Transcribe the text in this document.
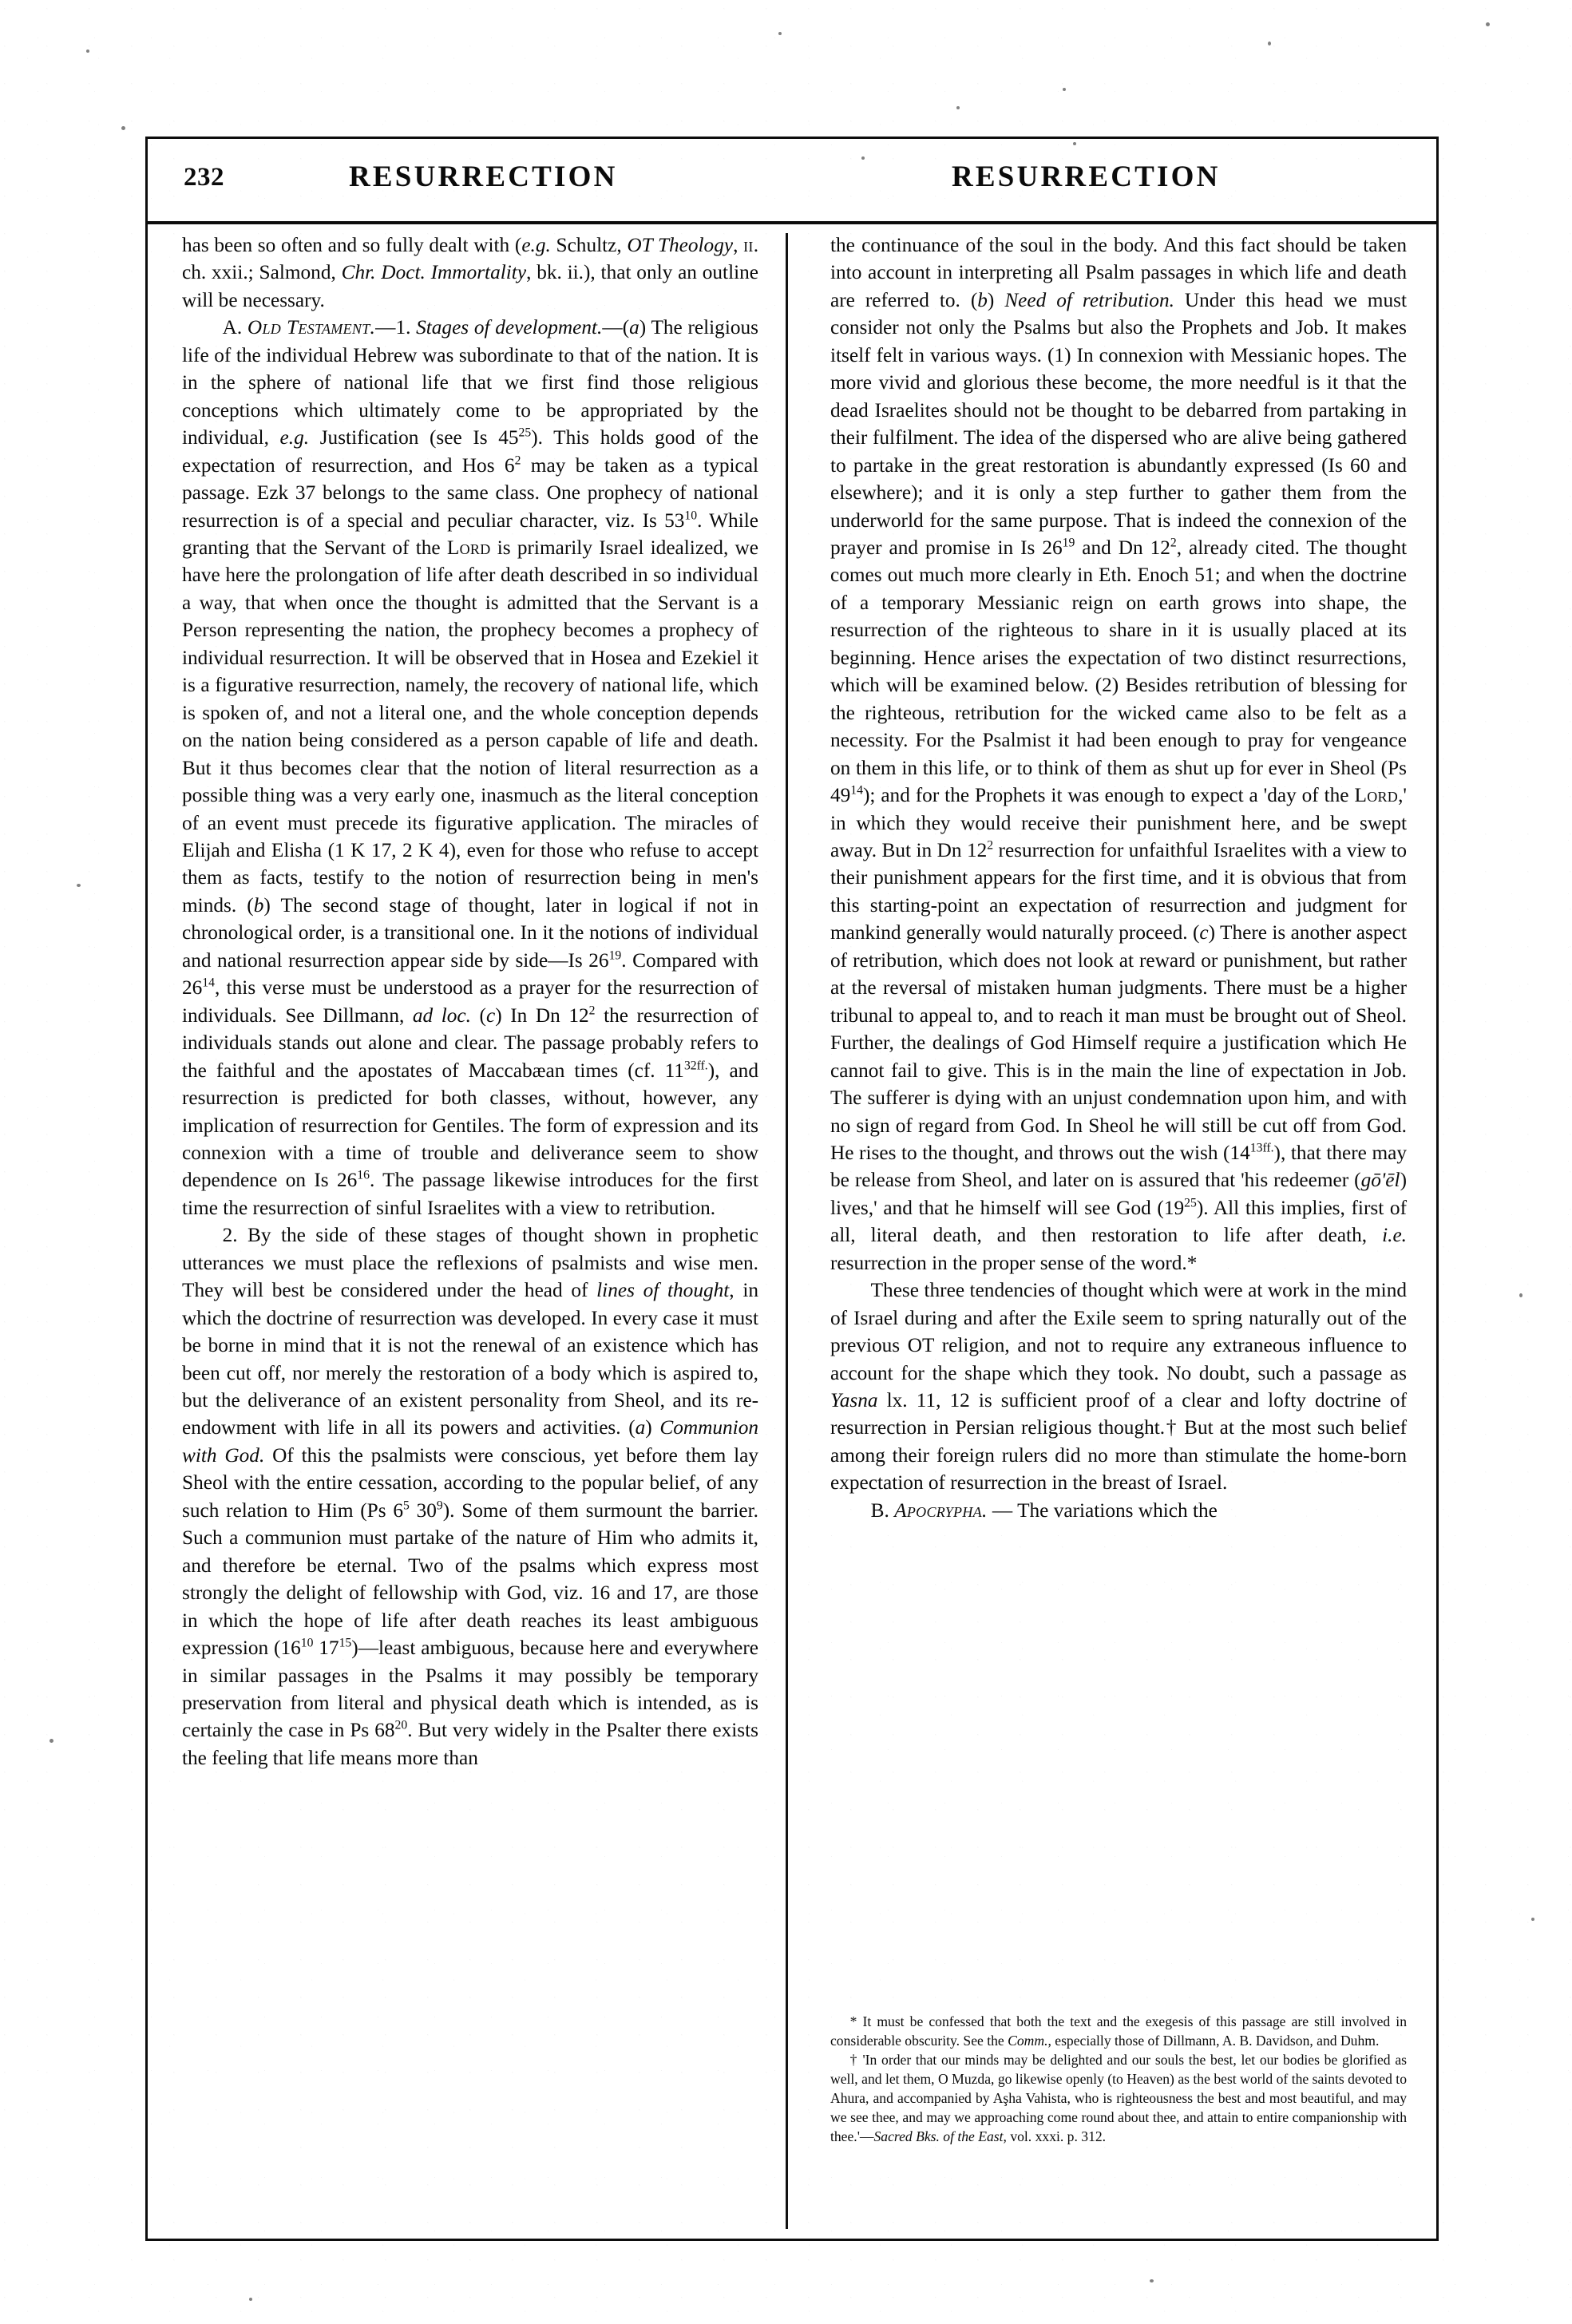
232	RESURRECTION	RESURRECTION

has been so often and so fully dealt with (e.g. Schultz, OT Theology, ii. ch. xxii.; Salmond, Chr. Doct. Immortality, bk. ii.), that only an outline will be necessary.

A. Old Testament.—1. Stages of development.—(a) The religious life of the individual Hebrew was subordinate to that of the nation. It is in the sphere of national life that we first find those religious conceptions which ultimately come to be appropriated by the individual, e.g. Justification (see Is $45^{25}$). This holds good of the expectation of resurrection, and Hos $6^2$ may be taken as a typical passage. Ezk 37 belongs to the same class. One prophecy of national resurrection is of a special and peculiar character, viz. Is $53^{10}$. While granting that the Servant of the Lord is primarily Israel idealized, we have here the prolongation of life after death described in so individual a way, that when once the thought is admitted that the Servant is a Person representing the nation, the prophecy becomes a prophecy of individual resurrection. It will be observed that in Hosea and Ezekiel it is a figurative resurrection, namely, the recovery of national life, which is spoken of, and not a literal one, and the whole conception depends on the nation being considered as a person capable of life and death. But it thus becomes clear that the notion of literal resurrection as a possible thing was a very early one, inasmuch as the literal conception of an event must precede its figurative application. The miracles of Elijah and Elisha (1 K 17, 2 K 4), even for those who refuse to accept them as facts, testify to the notion of resurrection being in men's minds. (b) The second stage of thought, later in logical if not in chronological order, is a transitional one. In it the notions of individual and national resurrection appear side by side—Is $26^{19}$. Compared with $26^{14}$, this verse must be understood as a prayer for the resurrection of individuals. See Dillmann, ad loc. (c) In Dn $12^2$ the resurrection of individuals stands out alone and clear. The passage probably refers to the faithful and the apostates of Maccabæan times (cf. $11^{32ff.}$), and resurrection is predicted for both classes, without, however, any implication of resurrection for Gentiles. The form of expression and its connexion with a time of trouble and deliverance seem to show dependence on Is $26^{16}$. The passage likewise introduces for the first time the resurrection of sinful Israelites with a view to retribution.

2. By the side of these stages of thought shown in prophetic utterances we must place the reflexions of psalmists and wise men. They will best be considered under the head of lines of thought, in which the doctrine of resurrection was developed. In every case it must be borne in mind that it is not the renewal of an existence which has been cut off, nor merely the restoration of a body which is aspired to, but the deliverance of an existent personality from Sheol, and its re-endowment with life in all its powers and activities. (a) Communion with God. Of this the psalmists were conscious, yet before them lay Sheol with the entire cessation, according to the popular belief, of any such relation to Him (Ps $6^5$ $30^9$). Some of them surmount the barrier. Such a communion must partake of the nature of Him who admits it, and therefore be eternal. Two of the psalms which express most strongly the delight of fellowship with God, viz. 16 and 17, are those in which the hope of life after death reaches its least ambiguous expression ($16^{10}$ $17^{15})—least$ ambiguous, because here and everywhere in similar passages in the Psalms it may possibly be temporary preservation from literal and physical death which is intended, as is certainly the case in Ps $68^{20}$. But very widely in the Psalter there exists the feeling that life means more than

the continuance of the soul in the body. And this fact should be taken into account in interpreting all Psalm passages in which life and death are referred to. (b) Need of retribution. Under this head we must consider not only the Psalms but also the Prophets and Job. It makes itself felt in various ways. (1) In connexion with Messianic hopes. The more vivid and glorious these become, the more needful is it that the dead Israelites should not be thought to be debarred from partaking in their fulfilment. The idea of the dispersed who are alive being gathered to partake in the great restoration is abundantly expressed (Is 60 and elsewhere); and it is only a step further to gather them from the underworld for the same purpose. That is indeed the connexion of the prayer and promise in Is $26^{19}$ and Dn $12^2$, already cited. The thought comes out much more clearly in Eth. Enoch 51; and when the doctrine of a temporary Messianic reign on earth grows into shape, the resurrection of the righteous to share in it is usually placed at its beginning. Hence arises the expectation of two distinct resurrections, which will be examined below. (2) Besides retribution of blessing for the righteous, retribution for the wicked came also to be felt as a necessity. For the Psalmist it had been enough to pray for vengeance on them in this life, or to think of them as shut up for ever in Sheol (Ps $49^{14}$); and for the Prophets it was enough to expect a 'day of the Lord,' in which they would receive their punishment here, and be swept away. But in Dn $12^2$ resurrection for unfaithful Israelites with a view to their punishment appears for the first time, and it is obvious that from this starting-point an expectation of resurrection and judgment for mankind generally would naturally proceed. (c) There is another aspect of retribution, which does not look at reward or punishment, but rather at the reversal of mistaken human judgments. There must be a higher tribunal to appeal to, and to reach it man must be brought out of Sheol. Further, the dealings of God Himself require a justification which He cannot fail to give. This is in the main the line of expectation in Job. The sufferer is dying with an unjust condemnation upon him, and with no sign of regard from God. In Sheol he will still be cut off from God. He rises to the thought, and throws out the wish $(14^{13ff.})$, that there may be release from Sheol, and later on is assured that 'his redeemer (gō'ēl) lives,' and that he himself will see God $(19^{25})$. All this implies, first of all, literal death, and then restoration to life after death, i.e. resurrection in the proper sense of the word.*

These three tendencies of thought which were at work in the mind of Israel during and after the Exile seem to spring naturally out of the previous OT religion, and not to require any extraneous influence to account for the shape which they took. No doubt, such a passage as Yasna lx. 11, 12 is sufficient proof of a clear and lofty doctrine of resurrection in Persian religious thought.† But at the most such belief among their foreign rulers did no more than stimulate the home-born expectation of resurrection in the breast of Israel.

B. Apocrypha. — The variations which the

* It must be confessed that both the text and the exegesis of this passage are still involved in considerable obscurity. See the Comm., especially those of Dillmann, A. B. Davidson, and Duhm.

† 'In order that our minds may be delighted and our souls the best, let our bodies be glorified as well, and let them, O Muzda, go likewise openly (to Heaven) as the best world of the saints devoted to Ahura, and accompanied by Aşha Vahista, who is righteousness the best and most beautiful, and may we see thee, and may we approaching come round about thee, and attain to entire companionship with thee.'—Sacred Bks. of the East, vol. xxxi. p. 312.
